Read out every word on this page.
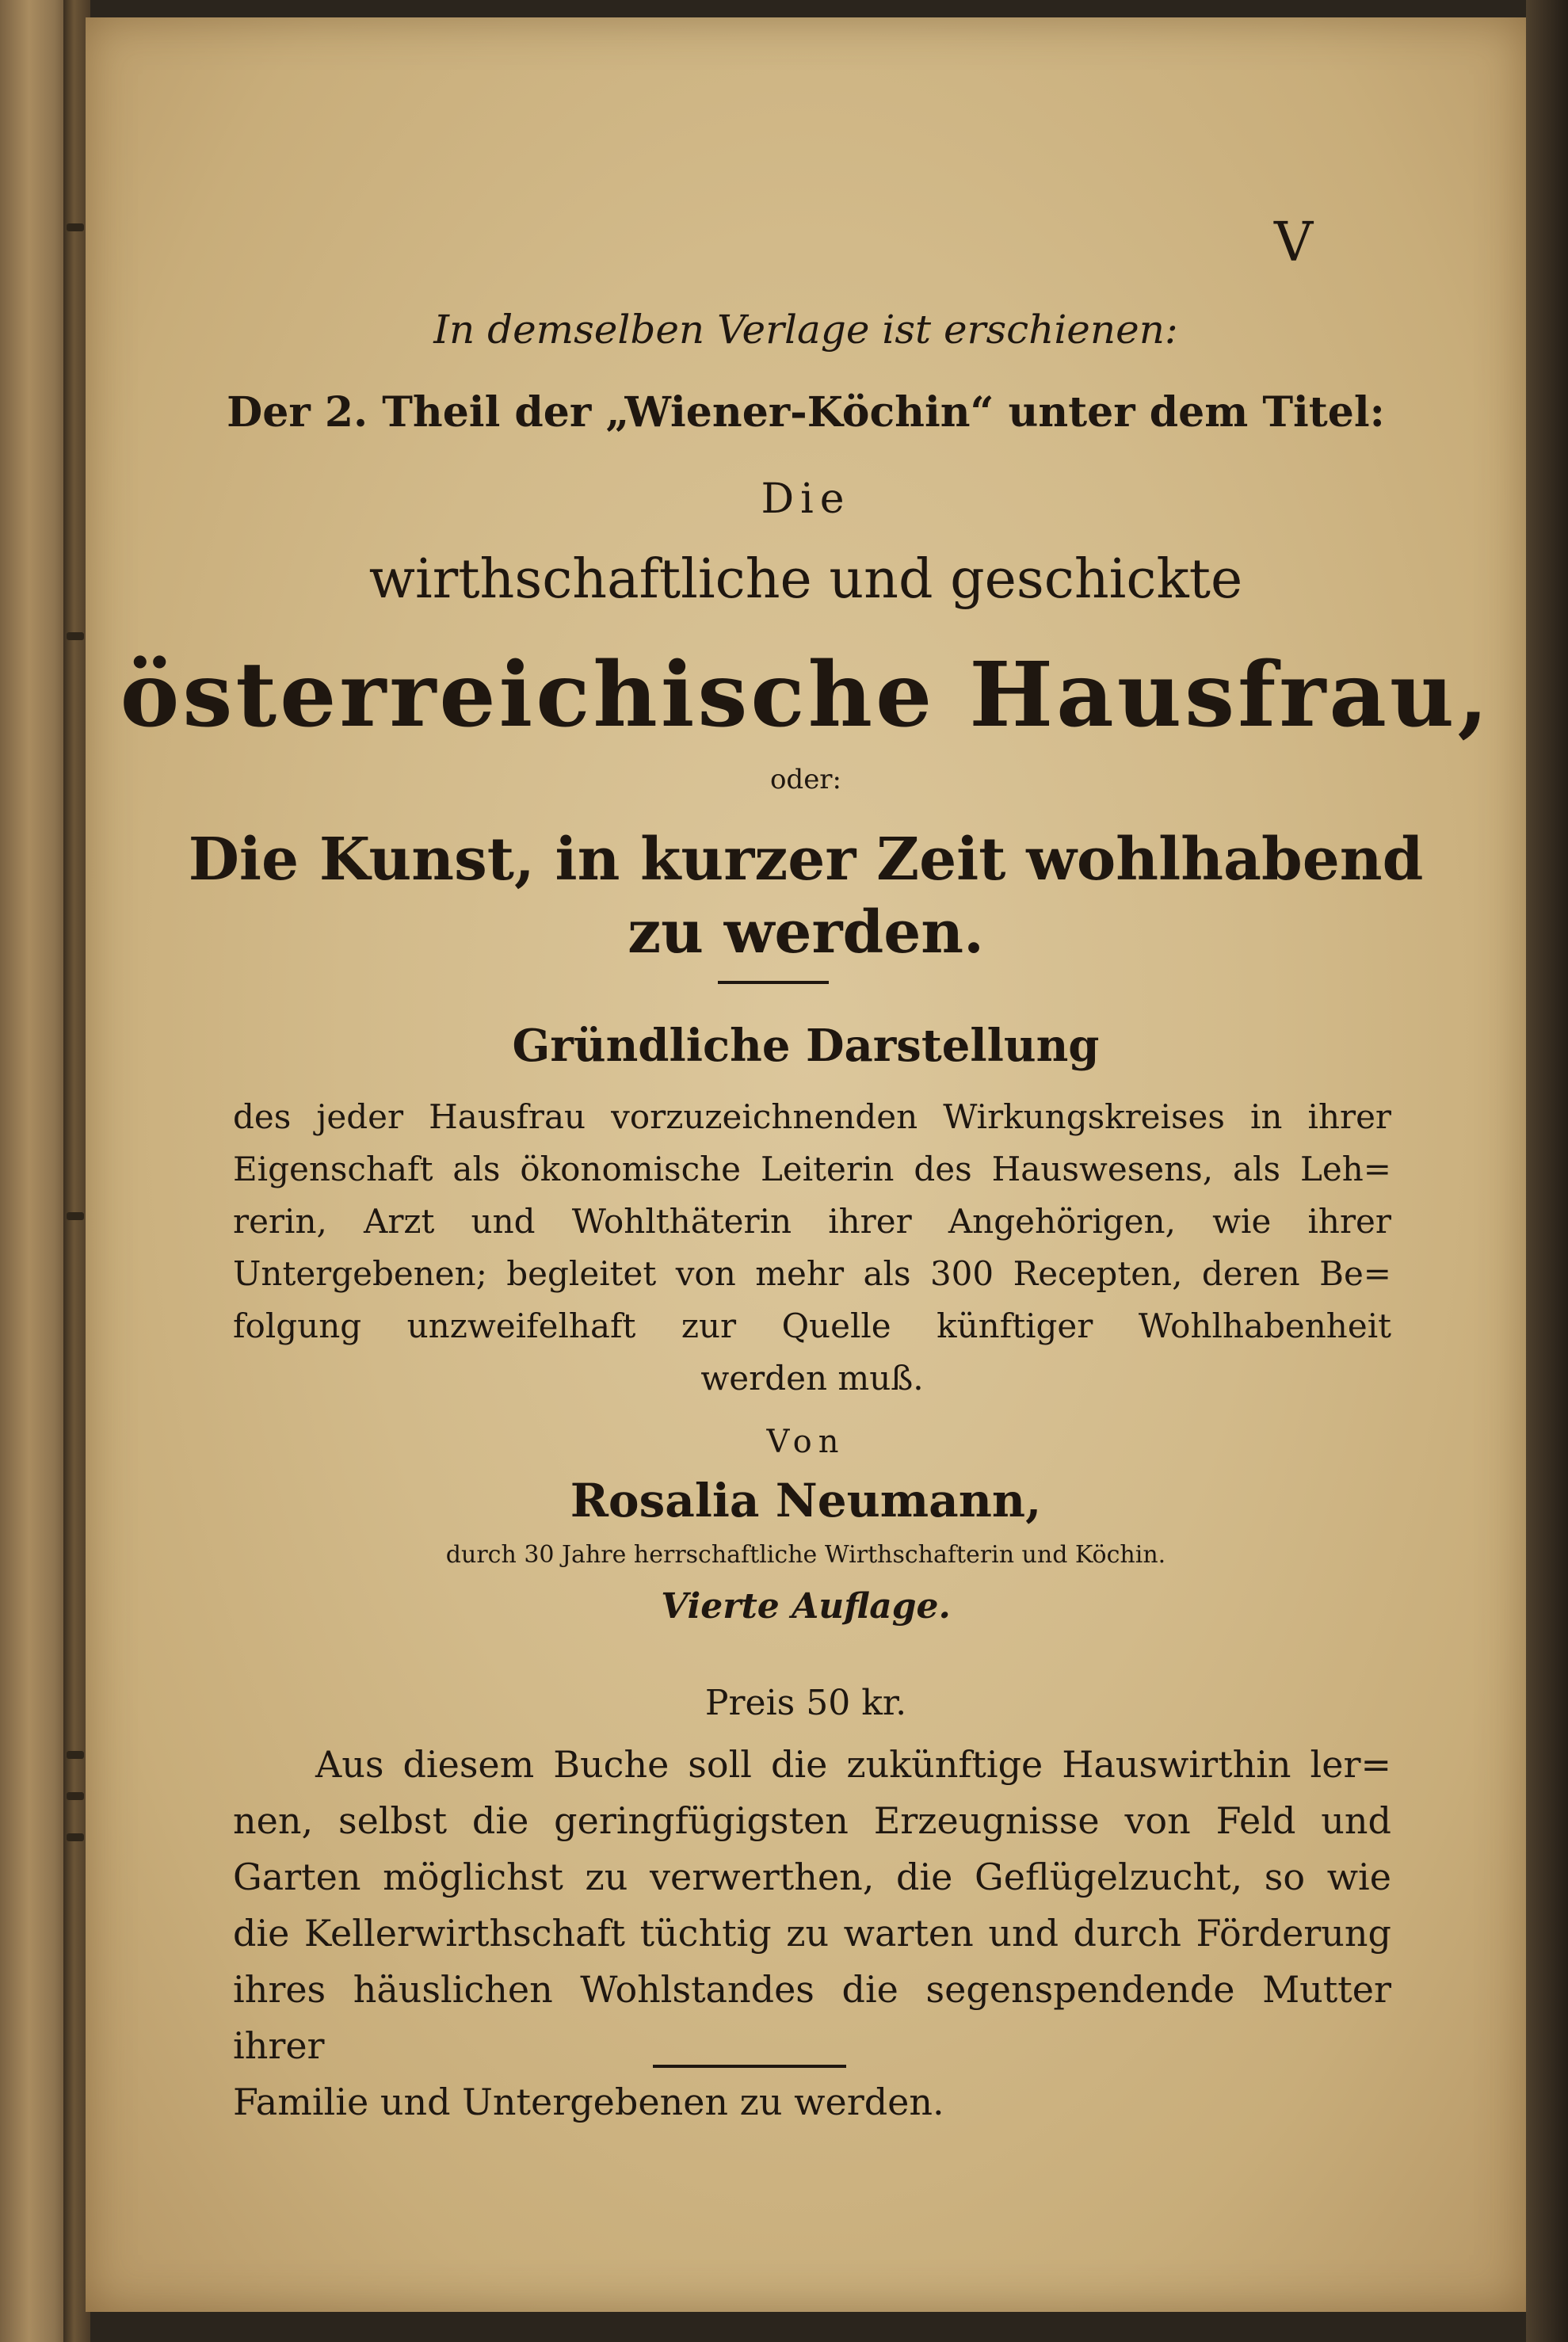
V

In demselben Verlage ist erschienen:

Der 2. Theil der „Wiener-Köchin“ unter dem Titel:

Die

wirthschaftliche und geschickte

österreichische Hausfrau,

oder:

Die Kunst, in kurzer Zeit wohlhabend

zu werden.

Gründliche Darstellung

des jeder Hausfrau vorzuzeichnenden Wirkungskreises in ihrer
Eigenschaft als ökonomische Leiterin des Hauswesens, als Leh=
rerin, Arzt und Wohlthäterin ihrer Angehörigen, wie ihrer
Untergebenen; begleitet von mehr als 300 Recepten, deren Be=
folgung unzweifelhaft zur Quelle künftiger Wohlhabenheit
werden muß.

Von

Rosalia Neumann,

durch 30 Jahre herrschaftliche Wirthschafterin und Köchin.

Vierte Auflage.

Preis 50 kr.

Aus diesem Buche soll die zukünftige Hauswirthin ler=
nen, selbst die geringfügigsten Erzeugnisse von Feld und
Garten möglichst zu verwerthen, die Geflügelzucht, so wie
die Kellerwirthschaft tüchtig zu warten und durch Förderung
ihres häuslichen Wohlstandes die segenspendende Mutter ihrer
Familie und Untergebenen zu werden.
